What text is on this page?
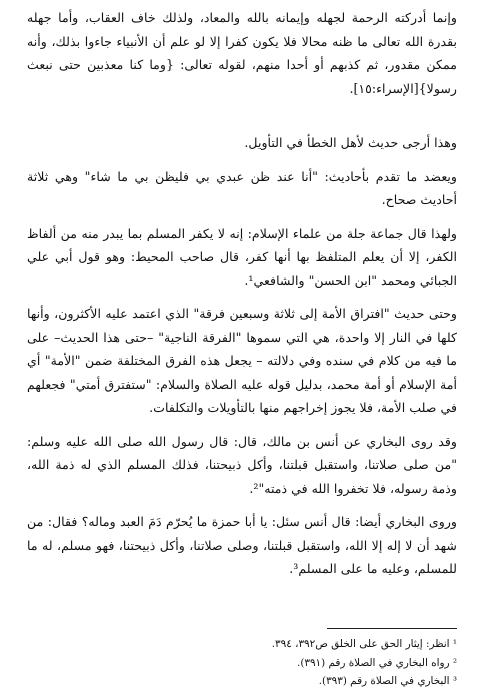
وإنما أدركته الرحمة لجهله وإيمانه بالله والمعاد، ولذلك خاف العقاب، وأما جهله بقدرة الله تعالى ما ظنه محالا فلا يكون كفرا إلا لو علم أن الأنبياء جاءوا بذلك، وأنه ممكن مقدور، ثم كذبهم أو أحدا منهم، لقوله تعالى: {وما كنا معذبين حتى نبعث رسولا}[الإسراء:١٥].

وهذا أرجى حديث لأهل الخطأ في التأويل.

ويعضد ما تقدم بأحاديث: "أنا عند ظن عبدي بي فليظن بي ما شاء" وهي ثلاثة أحاديث صحاح.

ولهذا قال جماعة جلة من علماء الإسلام: إنه لا يكفر المسلم بما يبدر منه من ألفاظ الكفر، إلا أن يعلم المتلفظ بها أنها كفر، قال صاحب المحيط: وهو قول أبي علي الجبائي ومحمد "ابن الحسن" والشافعي¹.

وحتى حديث "افتراق الأمة إلى ثلاثة وسبعين فرقة" الذي اعتمد عليه الأكثرون، وأنها كلها في النار إلا واحدة، هي التي سموها "الفرقة الناجية" –حتى هذا الحديث– على ما فيه من كلام في سنده وفي دلالته – يجعل هذه الفرق المختلفة ضمن "الأمة" أي أمة الإسلام أو أمة محمد، بدليل قوله عليه الصلاة والسلام: "ستفترق أمتي" فجعلهم في صلب الأمة، فلا يجوز إخراجهم منها بالتأويلات والتكلفات.

وقد روى البخاري عن أنس بن مالك، قال: قال رسول الله صلى الله عليه وسلم: "من صلى صلاتنا، واستقبل قبلتنا، وأكل ذبيحتنا، فذلك المسلم الذي له ذمة الله، وذمة رسوله، فلا تخفروا الله في ذمته"².

وروى البخاري أيضا: قال أنس سئل: يا أبا حمزة ما يُحرّم دَمَ العبد وماله؟ فقال: من شهد أن لا إله إلا الله، واستقبل قبلتنا، وصلى صلاتنا، وأكل ذبيحتنا، فهو مسلم، له ما للمسلم، وعليه ما على المسلم³.

¹ انظر: إيثار الحق على الخلق ص٣٩٢، ٣٩٤.

² رواه البخاري في الصلاة رقم (٣٩١).

³ البخاري في الصلاة رقم (٣٩٣).
